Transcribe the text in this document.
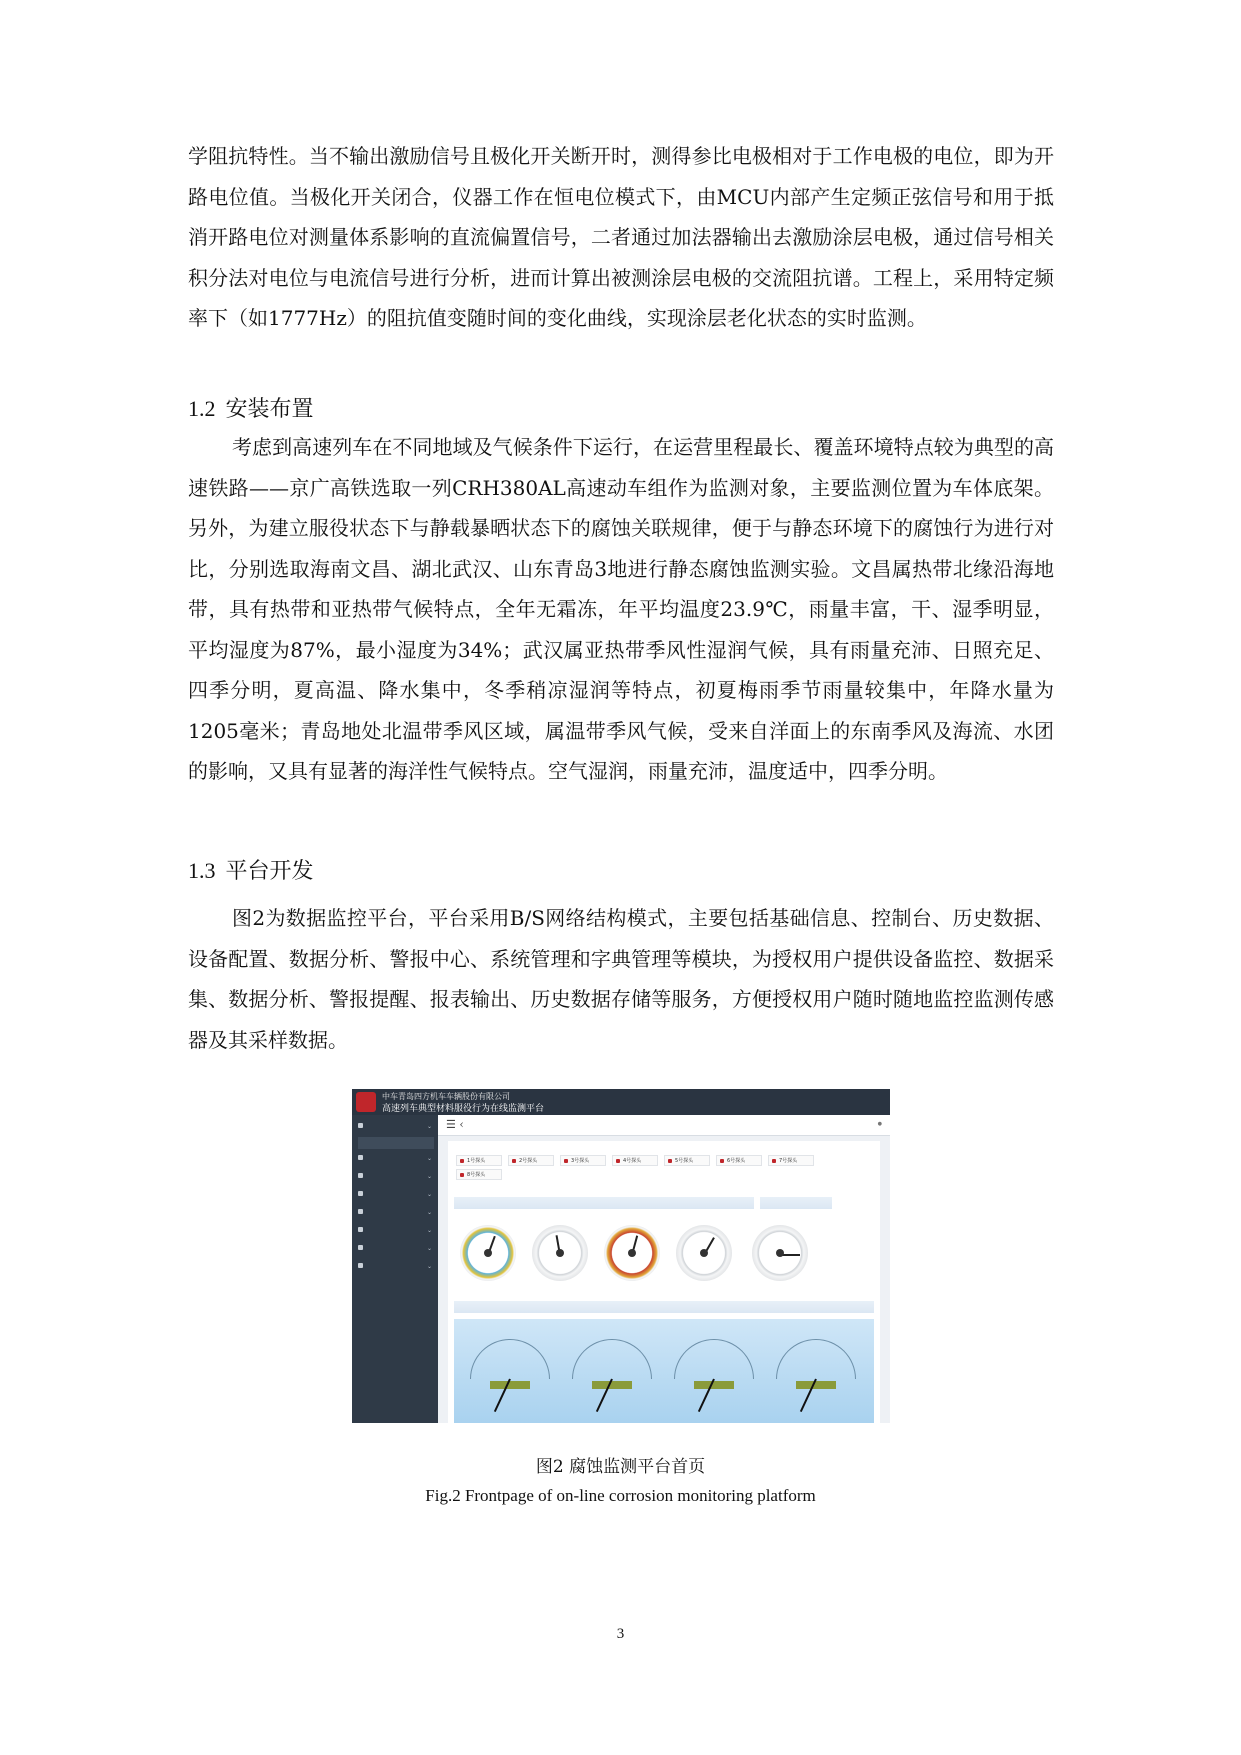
学阻抗特性。当不输出激励信号且极化开关断开时，测得参比电极相对于工作电极的电位，即为开路电位值。当极化开关闭合，仪器工作在恒电位模式下，由MCU内部产生定频正弦信号和用于抵消开路电位对测量体系影响的直流偏置信号，二者通过加法器输出去激励涂层电极，通过信号相关积分法对电位与电流信号进行分析，进而计算出被测涂层电极的交流阻抗谱。工程上，采用特定频率下（如1777Hz）的阻抗值变随时间的变化曲线，实现涂层老化状态的实时监测。

1.2 安装布置

考虑到高速列车在不同地域及气候条件下运行，在运营里程最长、覆盖环境特点较为典型的高速铁路——京广高铁选取一列CRH380AL高速动车组作为监测对象，主要监测位置为车体底架。另外，为建立服役状态下与静载暴晒状态下的腐蚀关联规律，便于与静态环境下的腐蚀行为进行对比，分别选取海南文昌、湖北武汉、山东青岛3地进行静态腐蚀监测实验。文昌属热带北缘沿海地带，具有热带和亚热带气候特点，全年无霜冻，年平均温度23.9℃，雨量丰富，干、湿季明显，平均湿度为87%，最小湿度为34%；武汉属亚热带季风性湿润气候，具有雨量充沛、日照充足、四季分明，夏高温、降水集中，冬季稍凉湿润等特点，初夏梅雨季节雨量较集中，年降水量为1205毫米；青岛地处北温带季风区域，属温带季风气候，受来自洋面上的东南季风及海流、水团的影响，又具有显著的海洋性气候特点。空气湿润，雨量充沛，温度适中，四季分明。

1.3 平台开发

图2为数据监控平台，平台采用B/S网络结构模式，主要包括基础信息、控制台、历史数据、设备配置、数据分析、警报中心、系统管理和字典管理等模块，为授权用户提供设备监控、数据采集、数据分析、警报提醒、报表输出、历史数据存储等服务，方便授权用户随时随地监控监测传感器及其采样数据。

中车青岛四方机车车辆股份有限公司
高速列车典型材料服役行为在线监测平台
⌄
⌄
⌄
⌄
⌄
⌄
⌄
⌄
☰ ‹	●
1号探头	2号探头	3号探头	4号探头	5号探头	6号探头	7号探头
8号探头
图2 腐蚀监测平台首页
Fig.2 Frontpage of on-line corrosion monitoring platform
3
